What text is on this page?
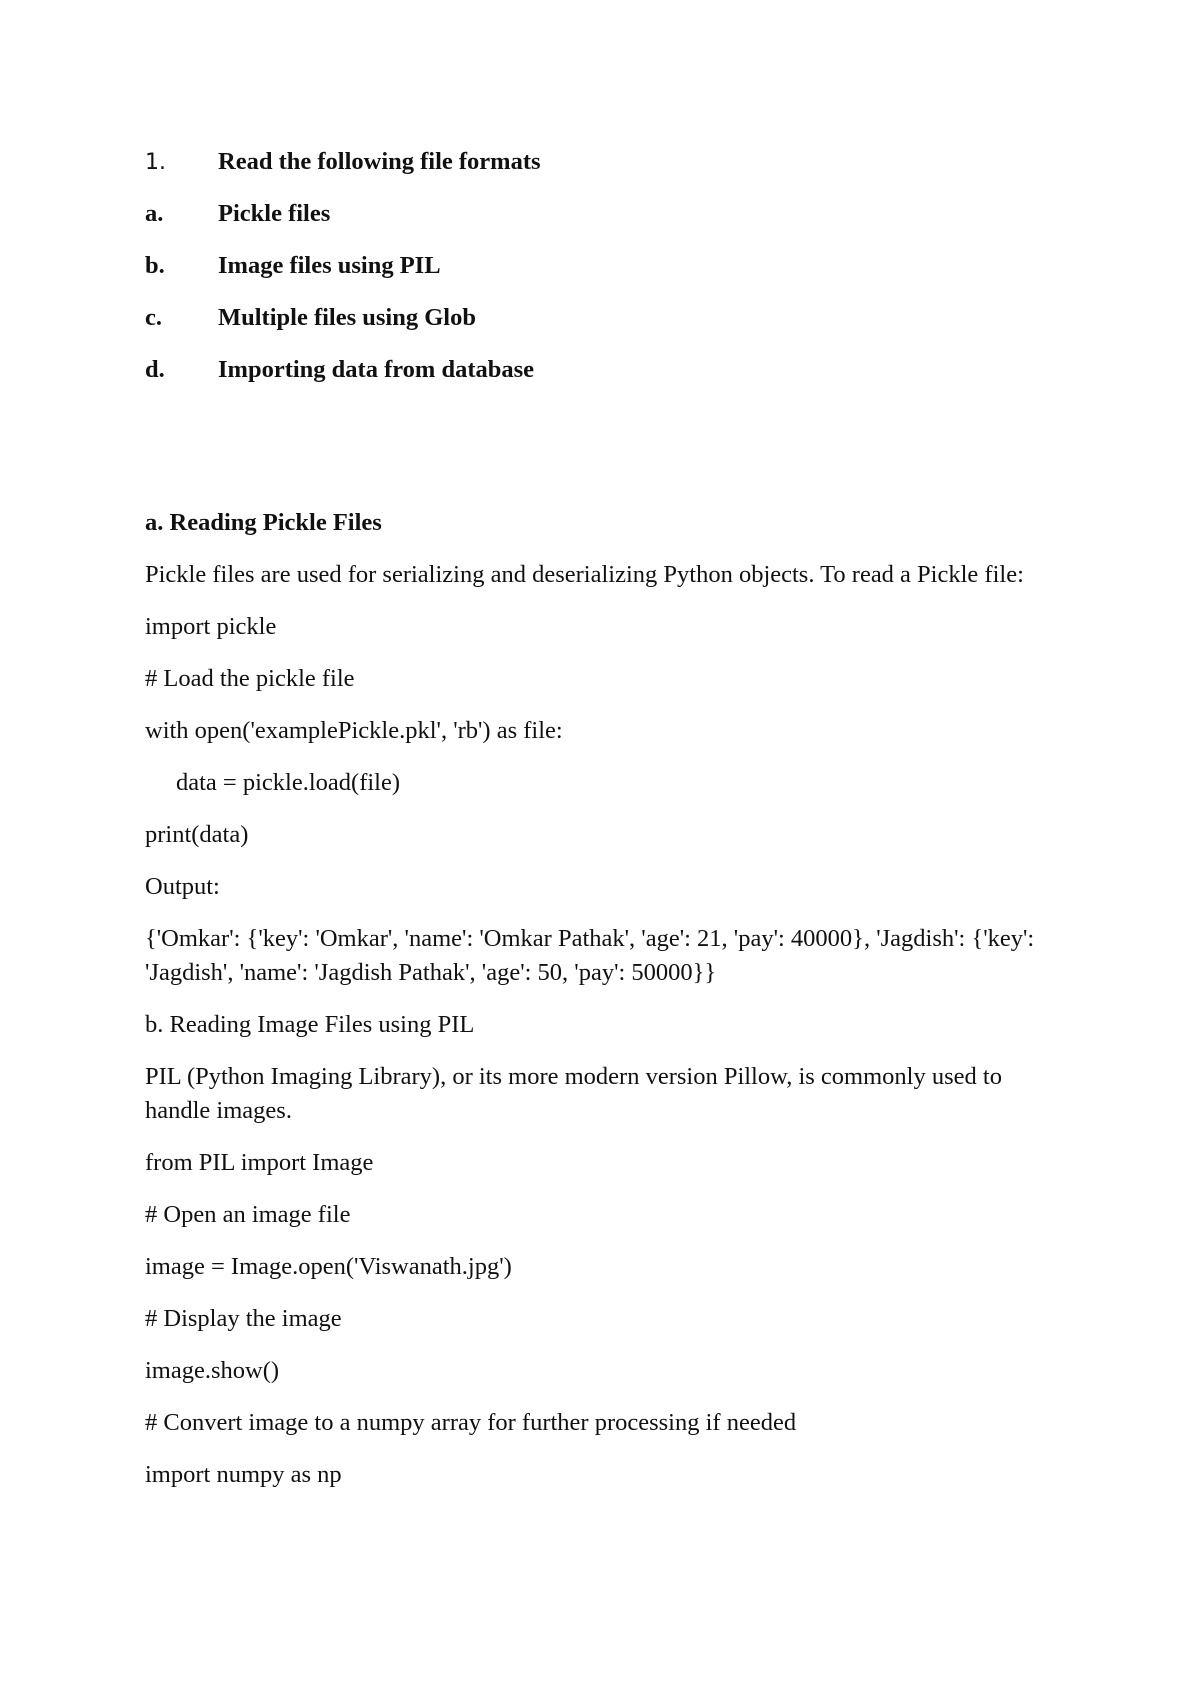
1.	Read the following file formats
a.	Pickle files
b.	Image files using PIL
c.	Multiple files using Glob
d.	Importing data from database

a. Reading Pickle Files

Pickle files are used for serializing and deserializing Python objects. To read a Pickle file:

import pickle

# Load the pickle file

with open('examplePickle.pkl', 'rb') as file:

data = pickle.load(file)

print(data)

Output:

{'Omkar': {'key': 'Omkar', 'name': 'Omkar Pathak', 'age': 21, 'pay': 40000}, 'Jagdish': {'key': 'Jagdish', 'name': 'Jagdish Pathak', 'age': 50, 'pay': 50000}}

b. Reading Image Files using PIL

PIL (Python Imaging Library), or its more modern version Pillow, is commonly used to handle images.

from PIL import Image

# Open an image file

image = Image.open('Viswanath.jpg')

# Display the image

image.show()

# Convert image to a numpy array for further processing if needed

import numpy as np
